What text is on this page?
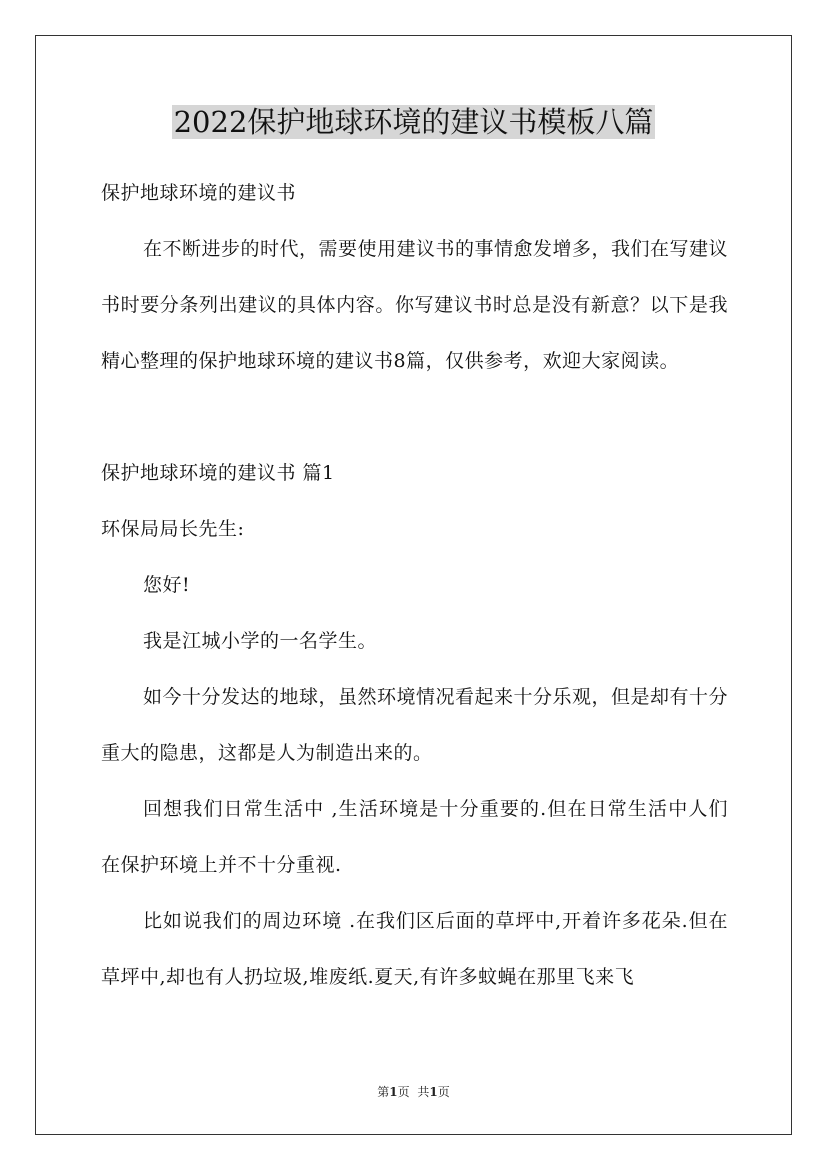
2022保护地球环境的建议书模板八篇

保护地球环境的建议书

在不断进步的时代，需要使用建议书的事情愈发增多，我们在写建议书时要分条列出建议的具体内容。你写建议书时总是没有新意？以下是我精心整理的保护地球环境的建议书8篇，仅供参考，欢迎大家阅读。

保护地球环境的建议书 篇1

环保局局长先生:

您好!

我是江城小学的一名学生。

如今十分发达的地球，虽然环境情况看起来十分乐观，但是却有十分重大的隐患，这都是人为制造出来的。

回想我们日常生活中 ,生活环境是十分重要的.但在日常生活中人们在保护环境上并不十分重视.

比如说我们的周边环境 .在我们区后面的草坪中,开着许多花朵.但在草坪中,却也有人扔垃圾,堆废纸.夏天,有许多蚊蝇在那里飞来飞

第1页 共1页
